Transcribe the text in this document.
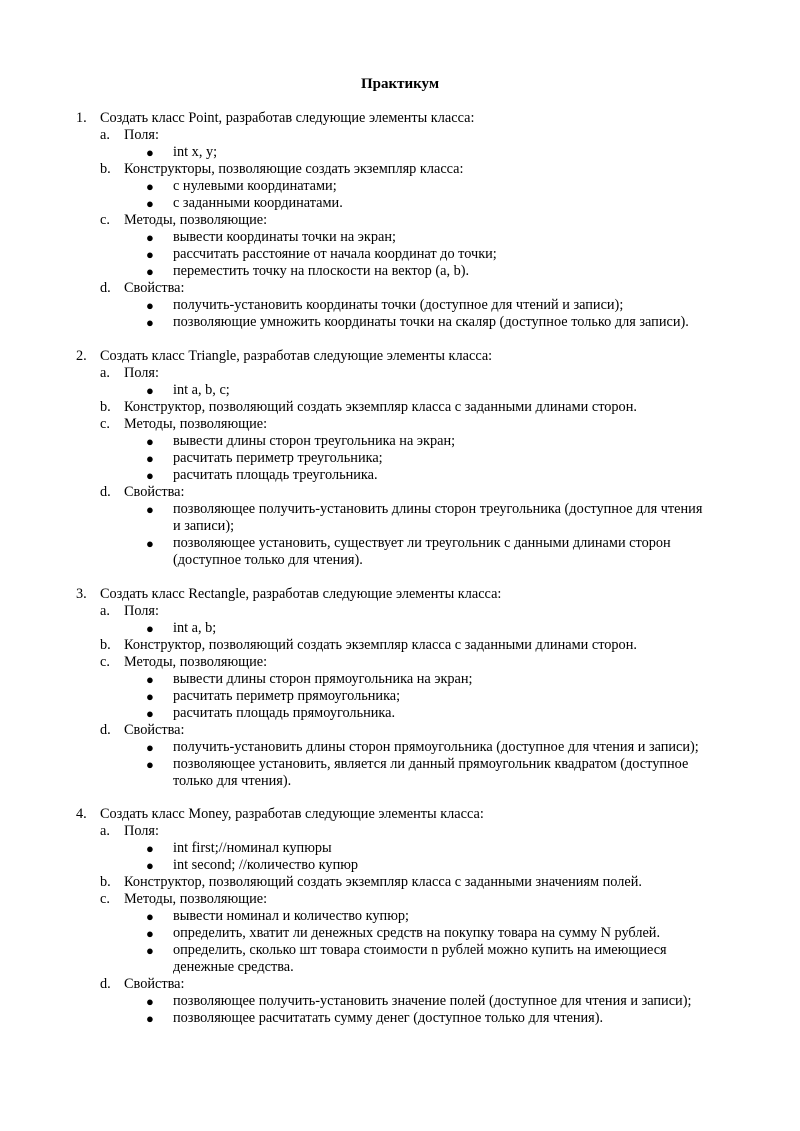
Практикум
1. Создать класс Point, разработав следующие элементы класса:
a. Поля:
● int x, y;
b. Конструкторы, позволяющие создать экземпляр класса:
● с нулевыми координатами;
● с заданными координатами.
c. Методы, позволяющие:
● вывести координаты точки на экран;
● рассчитать расстояние от начала координат до точки;
● переместить точку на плоскости на вектор (a, b).
d. Свойства:
● получить-установить координаты точки (доступное для чтений и записи);
● позволяющие умножить координаты точки на скаляр (доступное только для записи).
2. Создать класс Triangle, разработав следующие элементы класса:
a. Поля:
● int a, b, c;
b. Конструктор, позволяющий создать экземпляр класса с заданными длинами сторон.
c. Методы, позволяющие:
● вывести длины сторон треугольника на экран;
● расчитать периметр треугольника;
● расчитать площадь треугольника.
d. Свойства:
● позволяющее получить-установить длины сторон треугольника (доступное для чтения
и записи);
● позволяющее установить, существует ли треугольник с данными длинами сторон
(доступное только для чтения).
3. Создать класс Rectangle, разработав следующие элементы класса:
a. Поля:
● int a, b;
b. Конструктор, позволяющий создать экземпляр класса с заданными длинами сторон.
c. Методы, позволяющие:
● вывести длины сторон прямоугольника на экран;
● расчитать периметр прямоугольника;
● расчитать площадь прямоугольника.
d. Свойства:
● получить-установить длины сторон прямоугольника (доступное для чтения и записи);
● позволяющее установить, является ли данный прямоугольник квадратом (доступное
только для чтения).
4. Создать класс Money, разработав следующие элементы класса:
a. Поля:
● int first;//номинал купюры
● int second; //количество купюр
b. Конструктор, позволяющий создать экземпляр класса с заданными значениям полей.
c. Методы, позволяющие:
● вывести номинал и количество купюр;
● определить, хватит ли денежных средств на покупку товара на сумму N рублей.
● определить, сколько шт товара стоимости n рублей можно купить на имеющиеся
денежные средства.
d. Свойства:
● позволяющее получить-установить значение полей (доступное для чтения и записи);
● позволяющее расчитатать сумму денег (доступное только для чтения).
